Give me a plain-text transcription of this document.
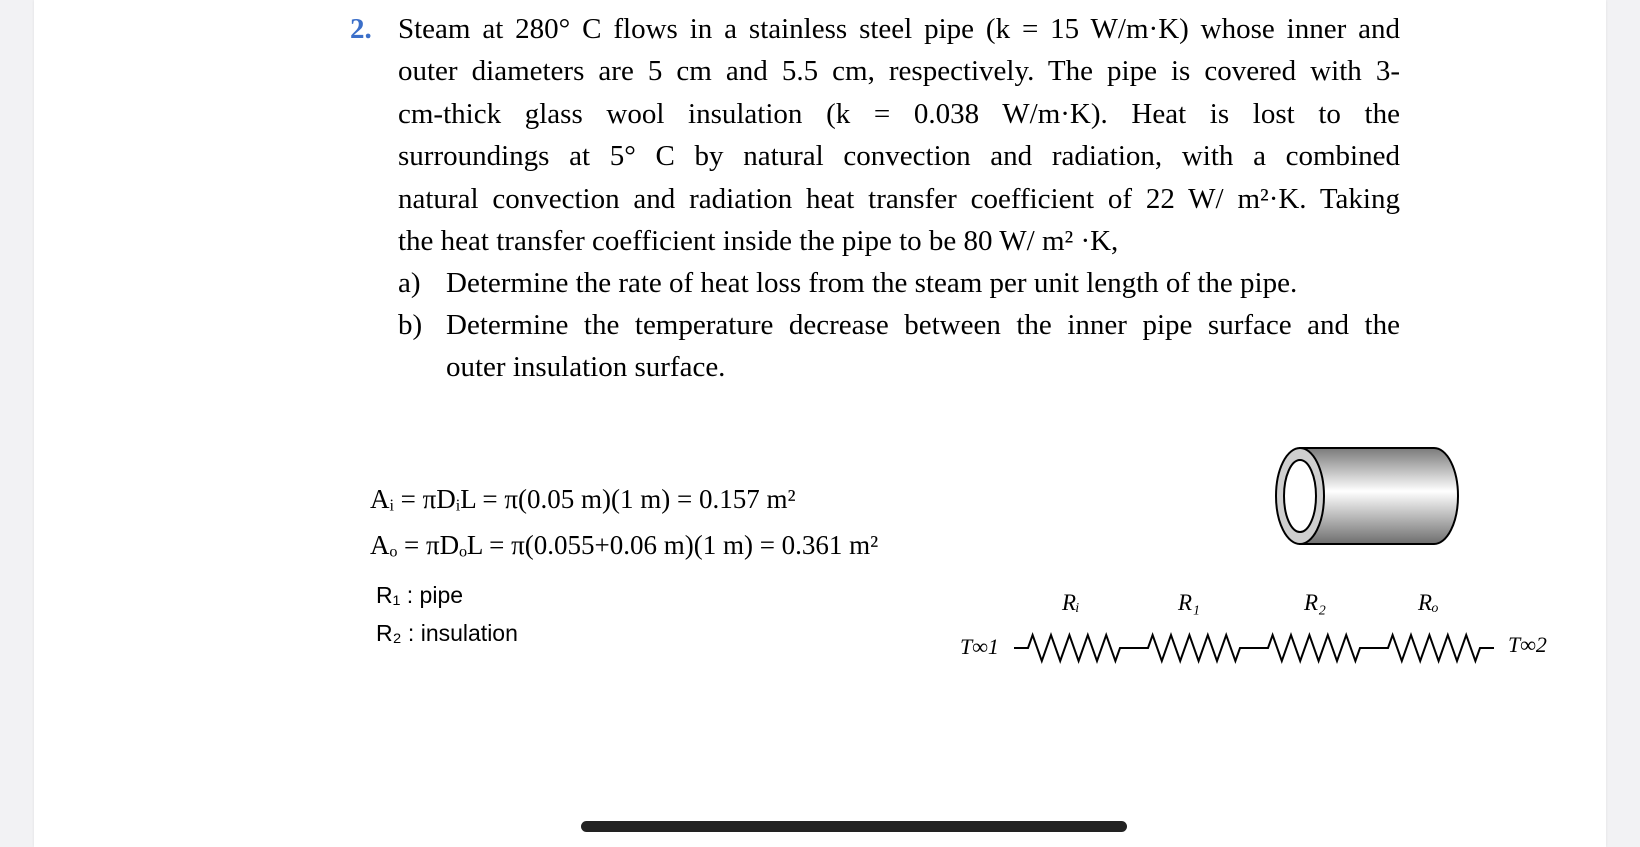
2. Steam at 280° C flows in a stainless steel pipe (k = 15 W/m·K) whose inner and
outer diameters are 5 cm and 5.5 cm, respectively. The pipe is covered with 3-
cm-thick glass wool insulation (k = 0.038 W/m·K). Heat is lost to the
surroundings at 5° C by natural convection and radiation, with a combined
natural convection and radiation heat transfer coefficient of 22 W/ m²·K. Taking
the heat transfer coefficient inside the pipe to be 80 W/ m² ·K,
a) Determine the rate of heat loss from the steam per unit length of the pipe.
b) Determine the temperature decrease between the inner pipe surface and the
outer insulation surface.
Aᵢ = πDᵢL = π(0.05 m)(1 m) = 0.157 m²
Aₒ = πDₒL = π(0.055+0.06 m)(1 m) = 0.361 m²
R₁ : pipe
R₂ : insulation
Rᵢ	R₁	R₂	Rₒ
T∞1	T∞2
